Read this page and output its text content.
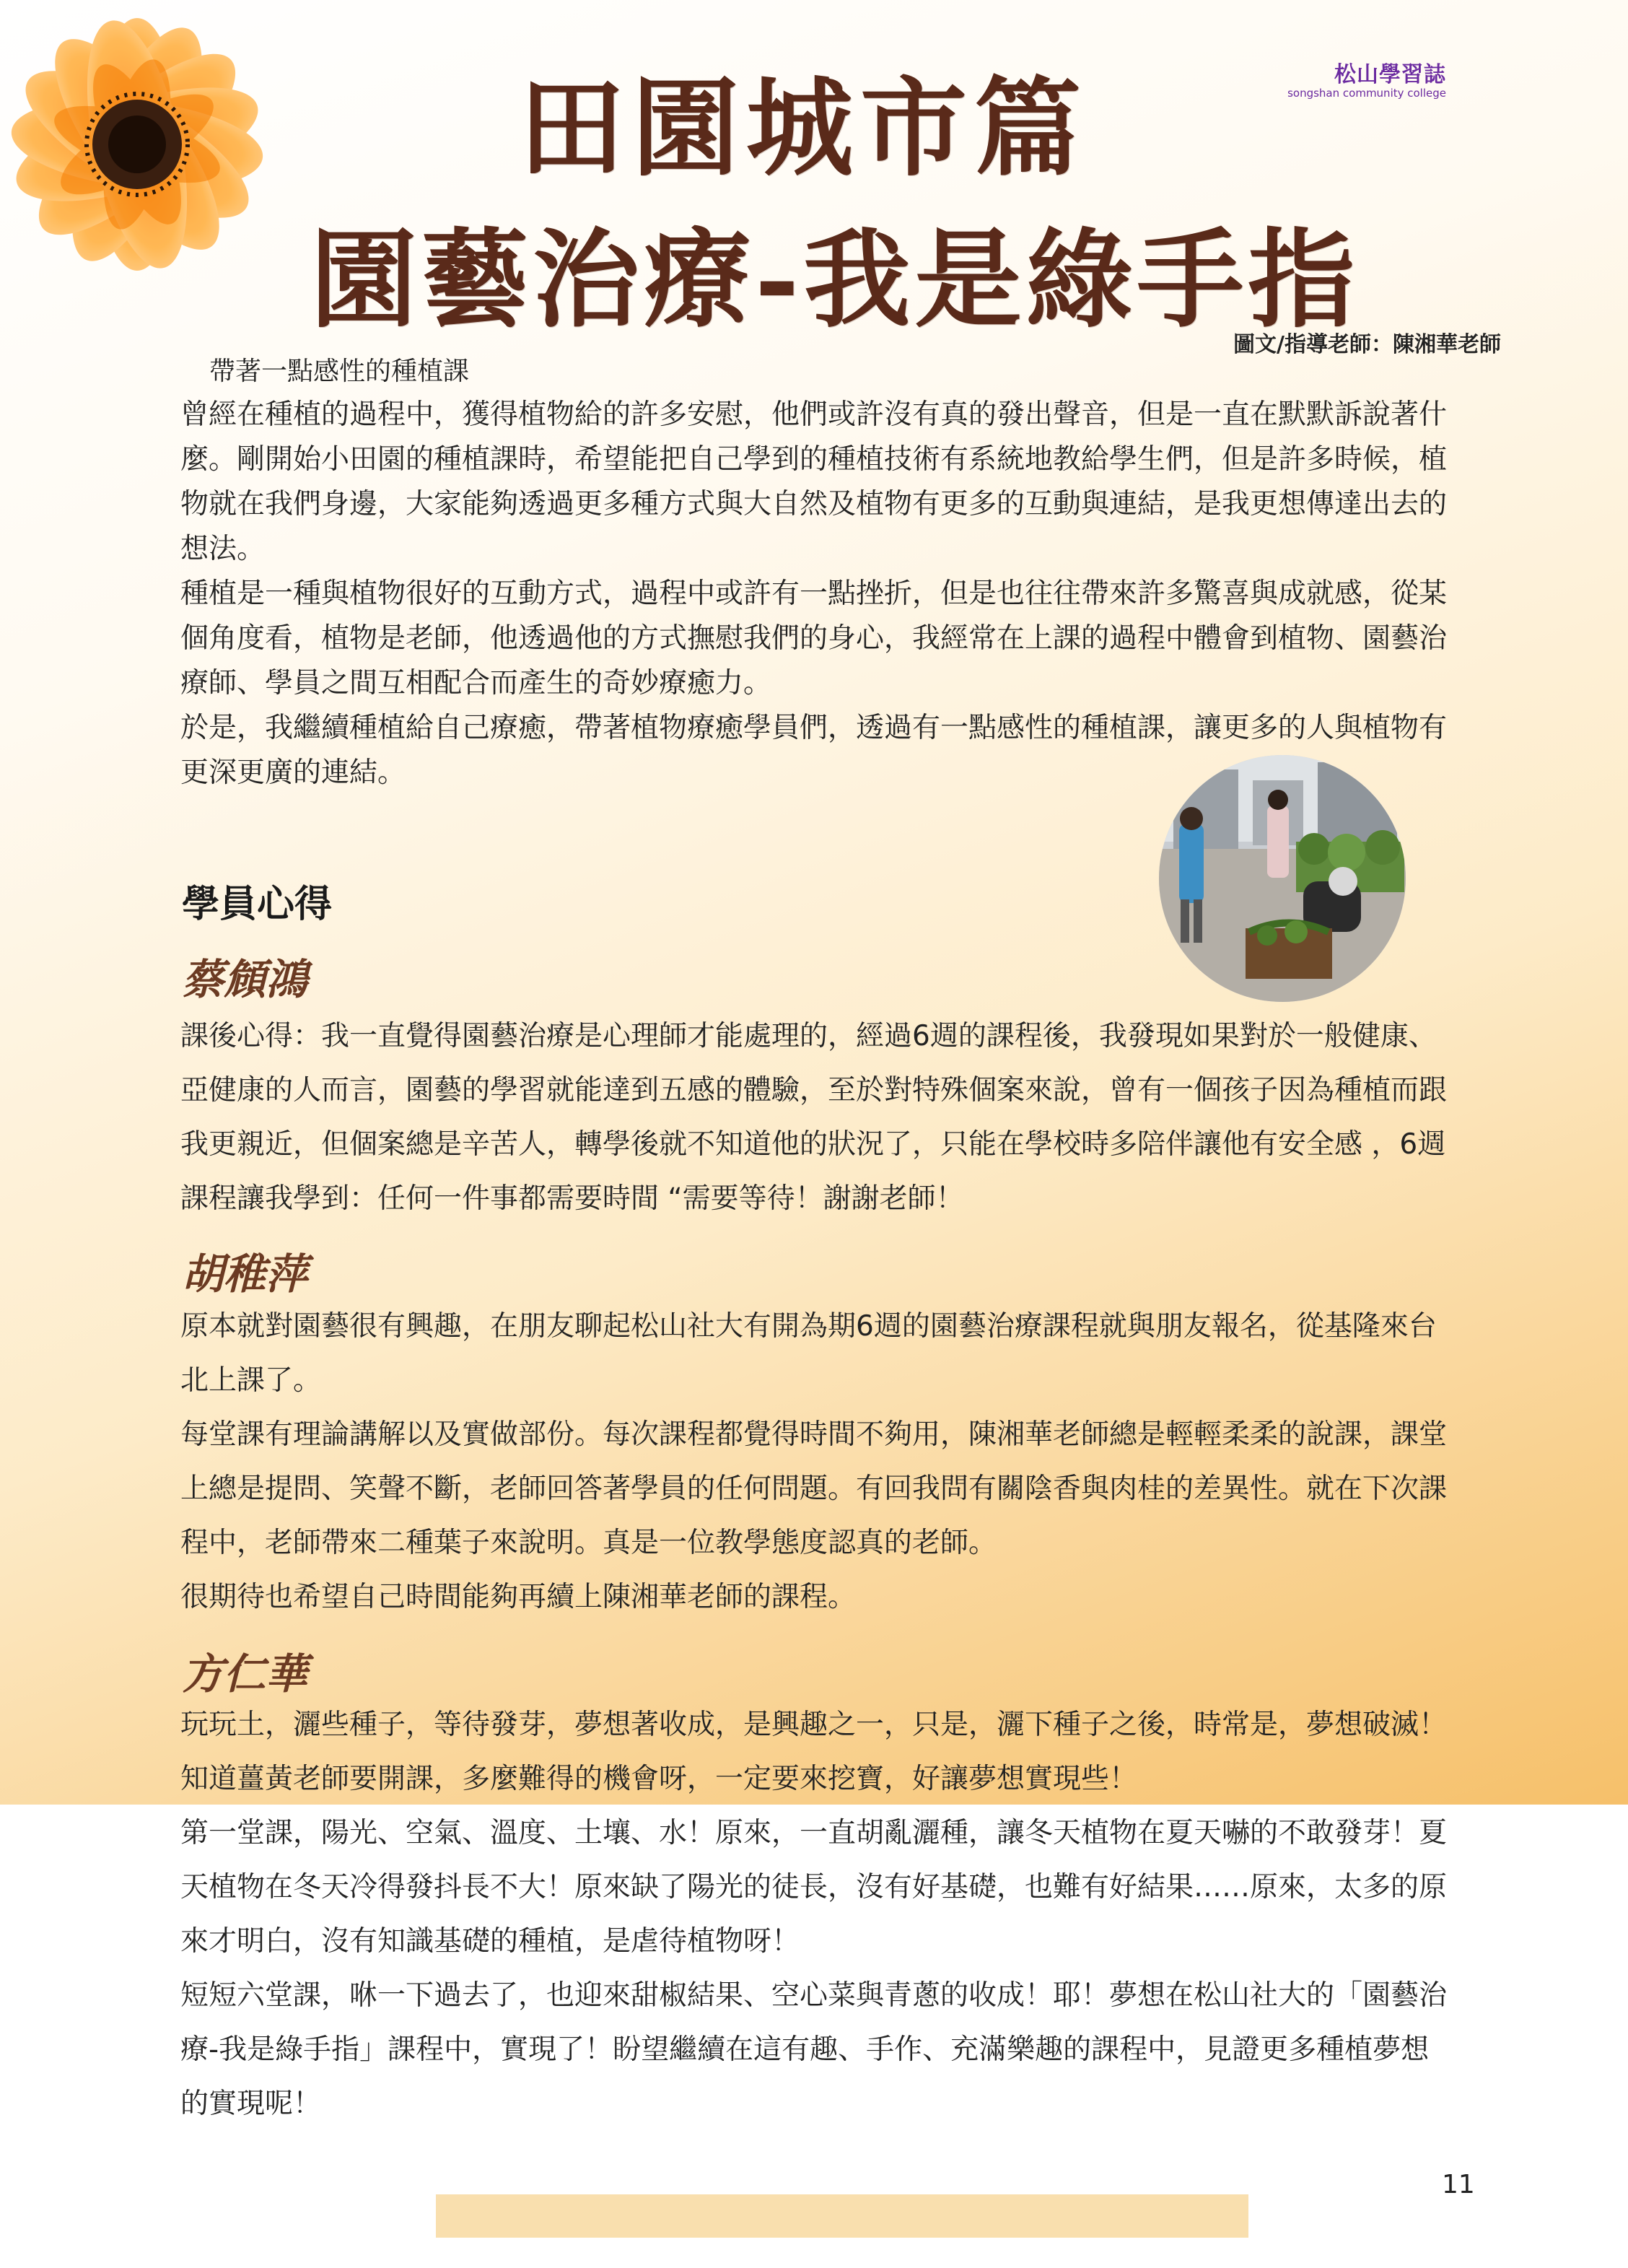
松山學習誌
songshan community college
田園城市篇
園藝治療-我是綠手指
圖文/指導老師：陳湘華老師
帶著一點感性的種植課

曾經在種植的過程中，獲得植物給的許多安慰，他們或許沒有真的發出聲音，但是一直在默默訴說著什麼。剛開始小田園的種植課時，希望能把自己學到的種植技術有系統地教給學生們，但是許多時候，植物就在我們身邊，大家能夠透過更多種方式與大自然及植物有更多的互動與連結，是我更想傳達出去的想法。

種植是一種與植物很好的互動方式，過程中或許有一點挫折，但是也往往帶來許多驚喜與成就感，從某個角度看，植物是老師，他透過他的方式撫慰我們的身心，我經常在上課的過程中體會到植物、園藝治療師、學員之間互相配合而產生的奇妙療癒力。

於是，我繼續種植給自己療癒，帶著植物療癒學員們，透過有一點感性的種植課，讓更多的人與植物有更深更廣的連結。

學員心得
蔡頠鴻

課後心得：我一直覺得園藝治療是心理師才能處理的，經過6週的課程後，我發現如果對於一般健康、亞健康的人而言，園藝的學習就能達到五感的體驗，至於對特殊個案來說，曾有一個孩子因為種植而跟我更親近，但個案總是辛苦人，轉學後就不知道他的狀況了，只能在學校時多陪伴讓他有安全感 ，6週課程讓我學到：任何一件事都需要時間 “需要等待！謝謝老師！

胡稚萍

原本就對園藝很有興趣，在朋友聊起松山社大有開為期6週的園藝治療課程就與朋友報名，從基隆來台北上課了。

每堂課有理論講解以及實做部份。每次課程都覺得時間不夠用，陳湘華老師總是輕輕柔柔的說課，課堂上總是提問、笑聲不斷，老師回答著學員的任何問題。有回我問有關陰香與肉桂的差異性。就在下次課程中，老師帶來二種葉子來說明。真是一位教學態度認真的老師。

很期待也希望自己時間能夠再續上陳湘華老師的課程。

方仁華

玩玩土，灑些種子，等待發芽，夢想著收成，是興趣之一，只是，灑下種子之後，時常是，夢想破滅！

知道薑黃老師要開課，多麼難得的機會呀，一定要來挖寶，好讓夢想實現些！

第一堂課，陽光、空氣、溫度、土壤、水！原來，一直胡亂灑種，讓冬天植物在夏天嚇的不敢發芽！夏天植物在冬天冷得發抖長不大！原來缺了陽光的徒長，沒有好基礎，也難有好結果……原來，太多的原來才明白，沒有知識基礎的種植，是虐待植物呀！

短短六堂課，咻一下過去了，也迎來甜椒結果、空心菜與青蔥的收成！耶！夢想在松山社大的「園藝治療-我是綠手指」課程中，實現了！盼望繼續在這有趣、手作、充滿樂趣的課程中，見證更多種植夢想的實現呢！

11
